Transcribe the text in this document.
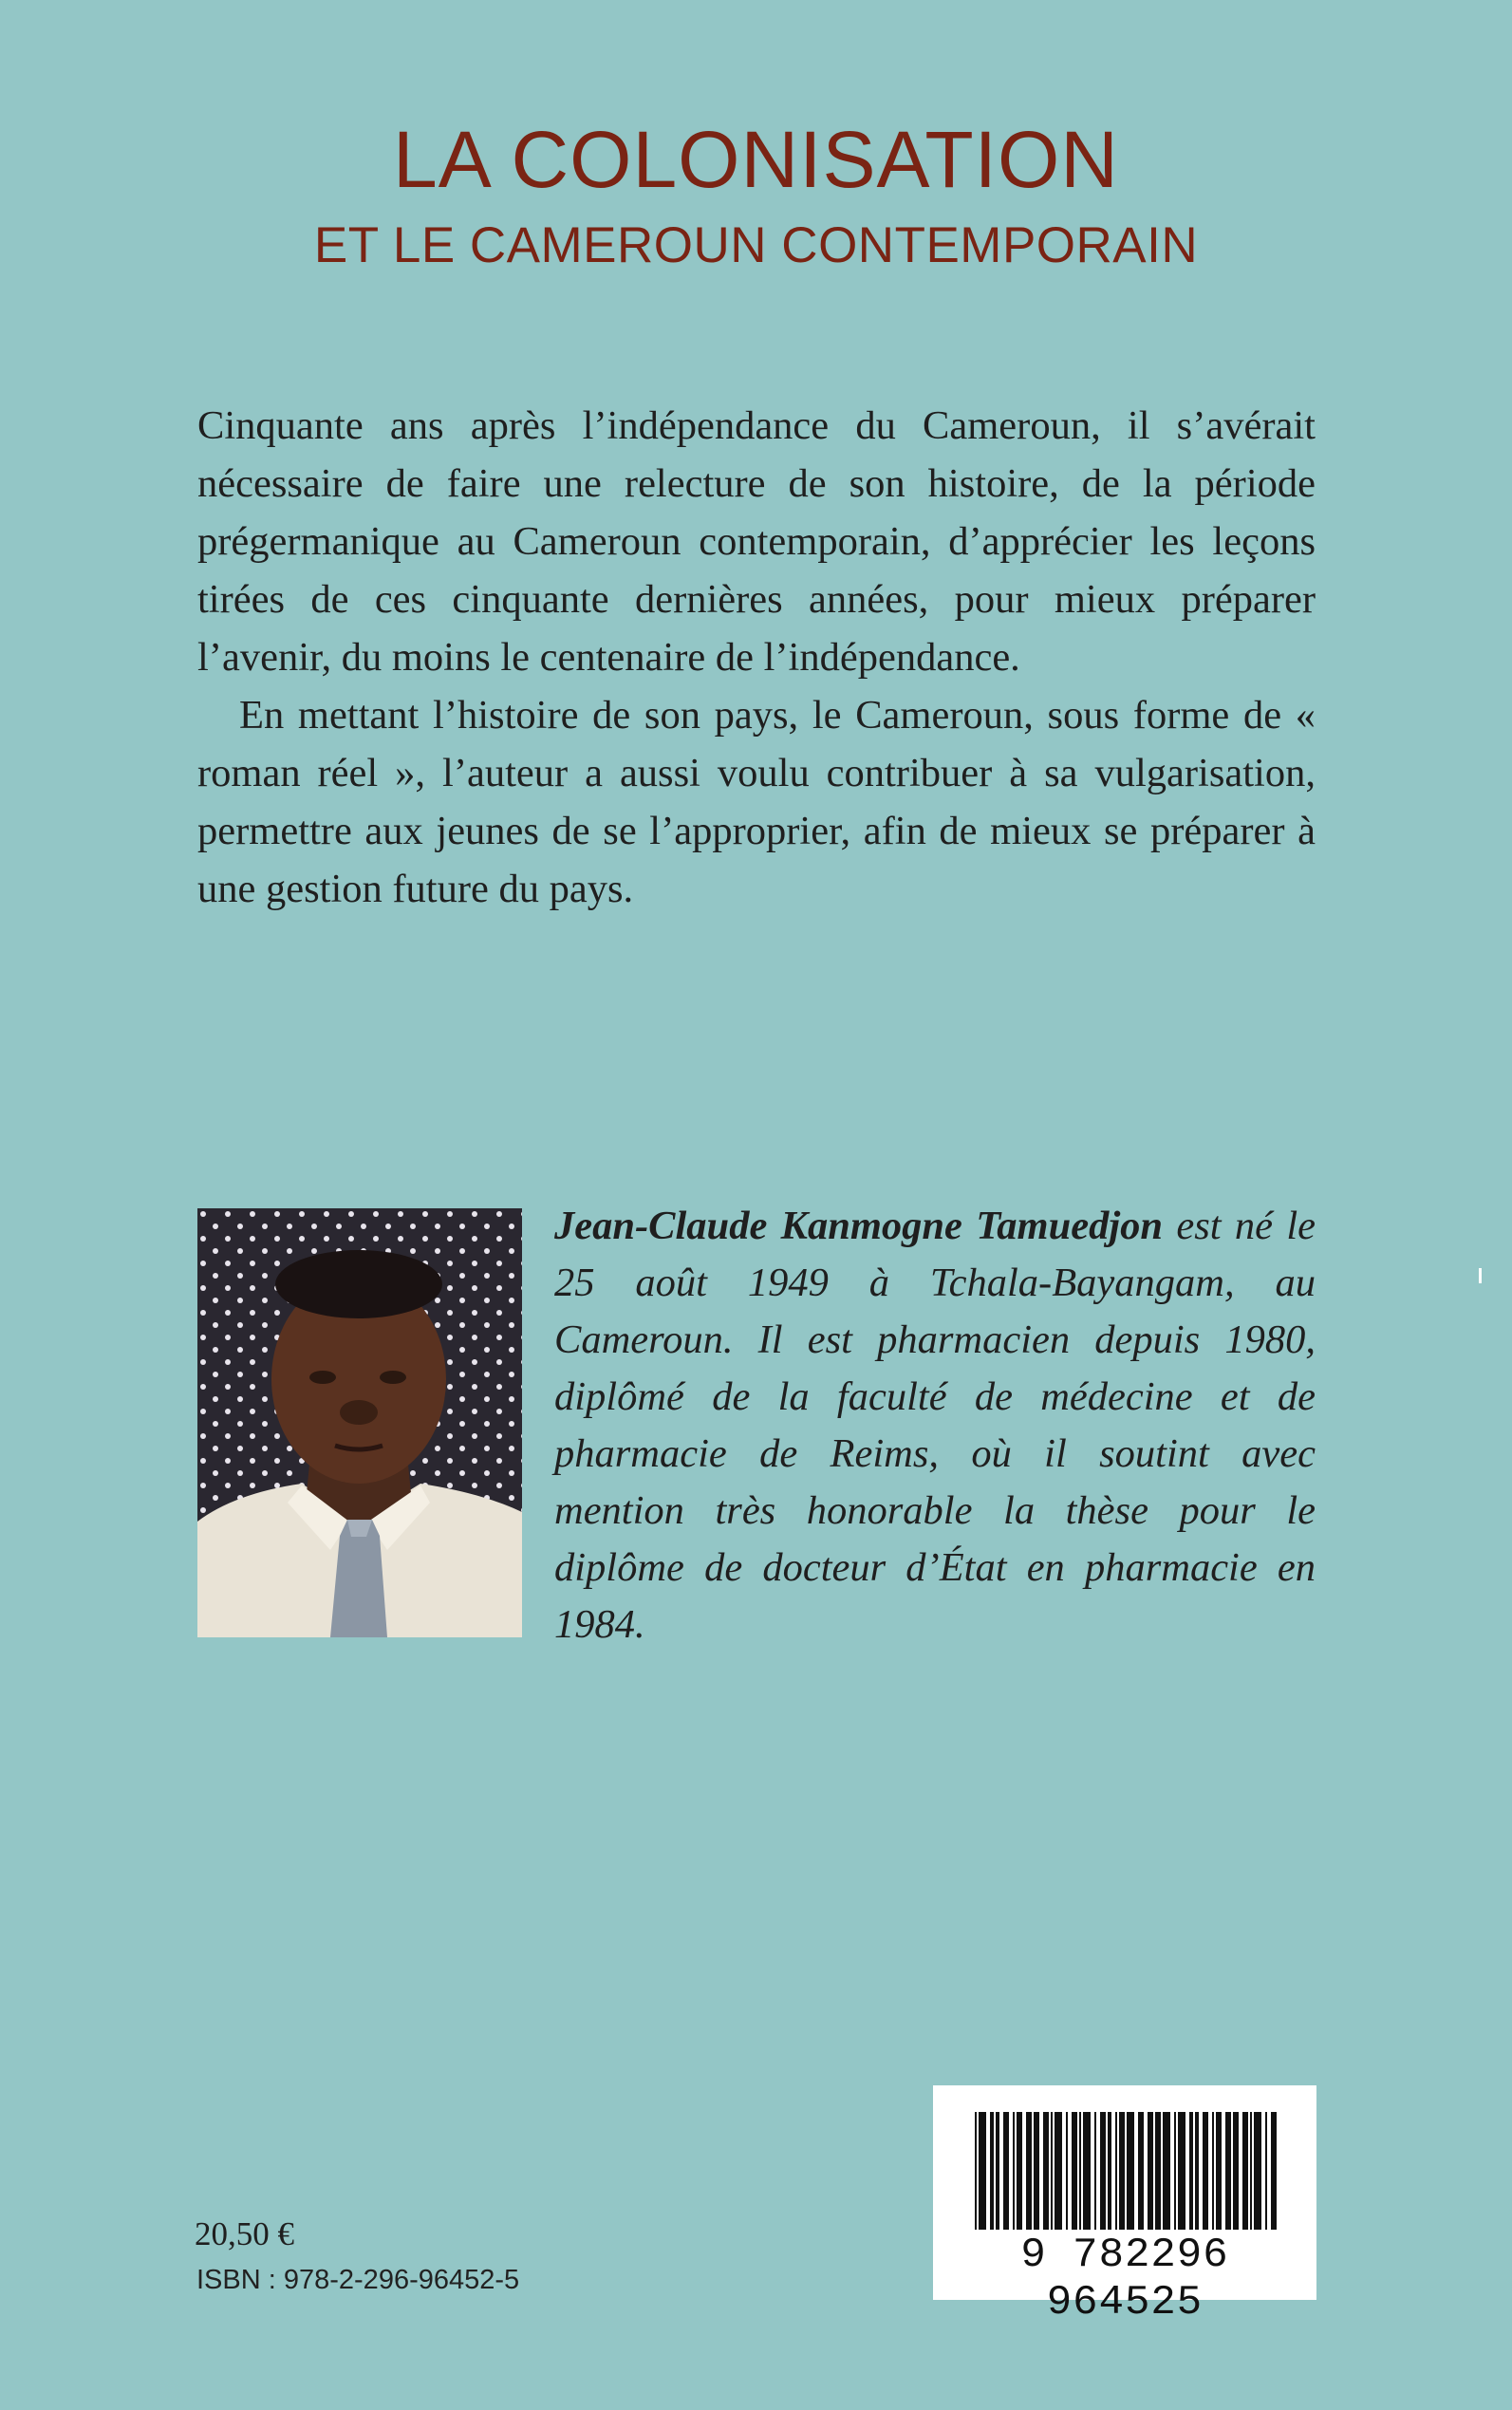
LA COLONISATION
ET LE CAMEROUN CONTEMPORAIN

Cinquante ans après l’indépendance du Cameroun, il s’avérait nécessaire de faire une relecture de son histoire, de la période prégermanique au Cameroun contemporain, d’apprécier les leçons tirées de ces cinquante dernières années, pour mieux préparer l’avenir, du moins le centenaire de l’indépendance.

En mettant l’histoire de son pays, le Cameroun, sous forme de « roman réel », l’auteur a aussi voulu contribuer à sa vulgarisation, permettre aux jeunes de se l’approprier, afin de mieux se préparer à une gestion future du pays.

Jean-Claude Kanmogne Tamuedjon est né le 25 août 1949 à Tchala-Bayangam, au Cameroun. Il est pharmacien depuis 1980, diplômé de la faculté de médecine et de pharmacie de Reims, où il soutint avec mention très honorable la thèse pour le diplôme de docteur d’État en pharmacie en 1984.

20,50 €

ISBN : 978-2-296-96452-5

9 782296 964525
